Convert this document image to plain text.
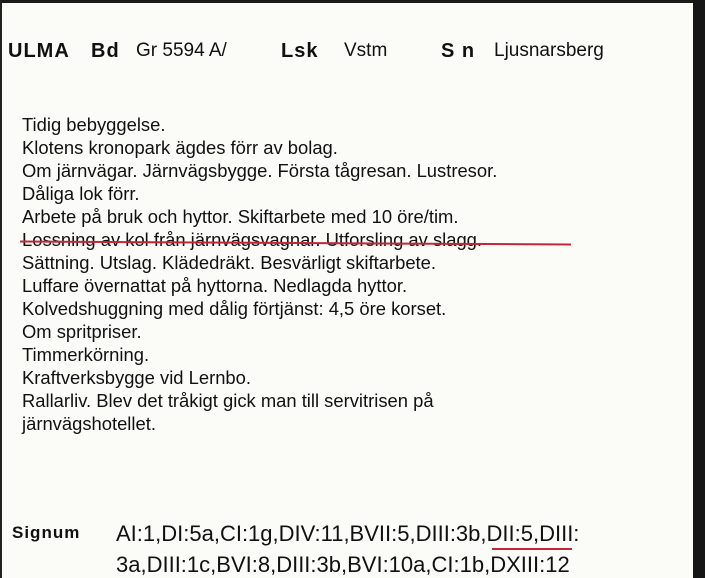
ULMA Bd Gr 5594 A/	Lsk Vstm	S n Ljusnarsberg
Tidig bebyggelse.
Klotens kronopark ägdes förr av bolag.
Om järnvägar. Järnvägsbygge. Första tågresan. Lustresor.
Dåliga lok förr.
Arbete på bruk och hyttor. Skiftarbete med 10 öre/tim.
Lossning av kol från järnvägsvagnar. Utforsling av slagg.
Sättning. Utslag. Klädedräkt. Besvärligt skiftarbete.
Luffare övernattat på hyttorna. Nedlagda hyttor.
Kolvedshuggning med dålig förtjänst: 4,5 öre korset.
Om spritpriser.
Timmerkörning.
Kraftverksbygge vid Lernbo.
Rallarliv. Blev det tråkigt gick man till servitrisen på
järnvägshotellet.
Signum AI:1,DI:5a,CI:1g,DIV:11,BVII:5,DIII:3b,DII:5,DIII:
3a,DIII:1c,BVI:8,DIII:3b,BVI:10a,CI:1b,DXIII:12
